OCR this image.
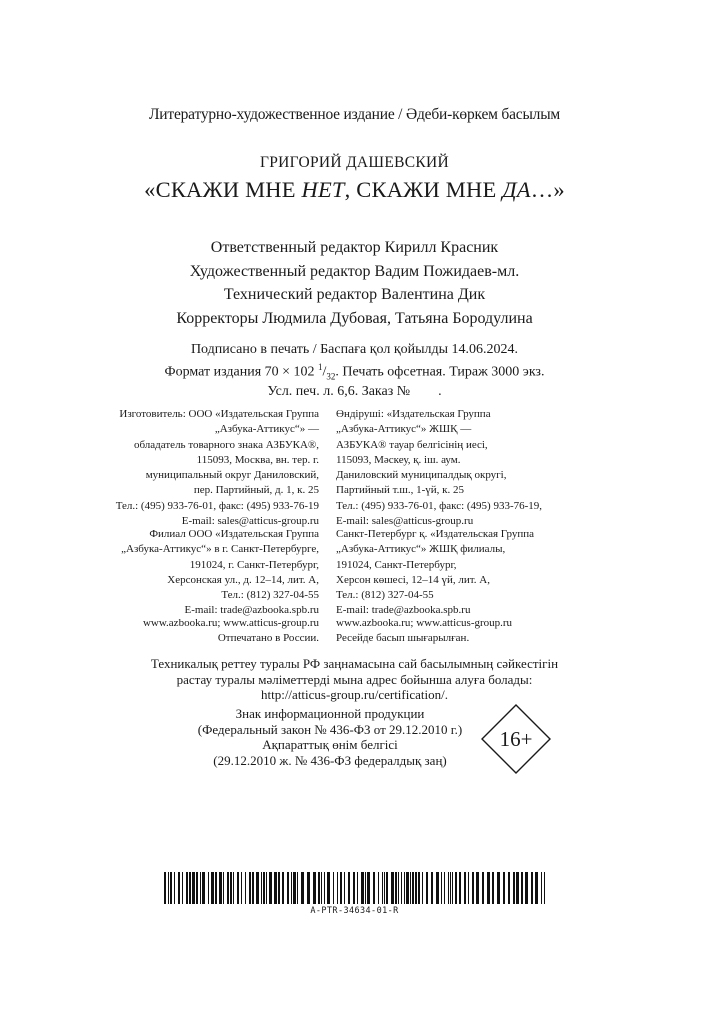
Литературно-художественное издание / Әдеби-көркем басылым
ГРИГОРИЙ ДАШЕВСКИЙ
«СКАЖИ МНЕ НЕТ, СКАЖИ МНЕ ДА…»
Ответственный редактор Кирилл Красник
Художественный редактор Вадим Пожидаев-мл.
Технический редактор Валентина Дик
Корректоры Людмила Дубовая, Татьяна Бородулина
Подписано в печать / Баспаға қол қойылды 14.06.2024.
Формат издания 70 × 102 $^1/_{32}$. Печать офсетная. Тираж 3000 экз.
Усл. печ. л. 6,6. Заказ №        .
Изготовитель: ООО «Издательская Группа
„Азбука-Аттикус“» —
обладатель товарного знака АЗБУКА®,
115093, Москва, вн. тер. г.
муниципальный округ Даниловский,
пер. Партийный, д. 1, к. 25
Тел.: (495) 933-76-01, факс: (495) 933-76-19
E-mail: sales@atticus-group.ru
Өндіруші: «Издательская Группа
„Азбука-Аттикус“» ЖШҚ —
АЗБУКА® тауар белгісінің иесі,
115093, Мәскеу, қ. іш. аум.
Даниловский муниципалдық округі,
Партийный т.ш., 1-үй, к. 25
Тел.: (495) 933-76-01, факс: (495) 933-76-19,
E-mail: sales@atticus-group.ru
Филиал ООО «Издательская Группа
„Азбука-Аттикус“» в г. Санкт-Петербурге,
191024, г. Санкт-Петербург,
Херсонская ул., д. 12–14, лит. А,
Тел.: (812) 327-04-55
E-mail: trade@azbooka.spb.ru
Санкт-Петербург қ. «Издательская Группа
„Азбука-Аттикус“» ЖШҚ филиалы,
191024, Санкт-Петербург,
Херсон көшесі, 12–14 үй, лит. А,
Тел.: (812) 327-04-55
E-mail: trade@azbooka.spb.ru
www.azbooka.ru; www.atticus-group.ru
Отпечатано в России.
www.azbooka.ru; www.atticus-group.ru
Ресейде басып шығарылған.
Техникалық реттеу туралы РФ заңнамасына сай басылымның сәйкестігін
растау туралы мәліметтерді мына адрес бойынша алуға болады:
http://atticus-group.ru/certification/.
Знак информационной продукции
(Федеральный закон № 436-ФЗ от 29.12.2010 г.)
Ақпараттық өнім белгісі
(29.12.2010 ж. № 436-ФЗ федералдық заң)
16+
A-PTR-34634-01-R
